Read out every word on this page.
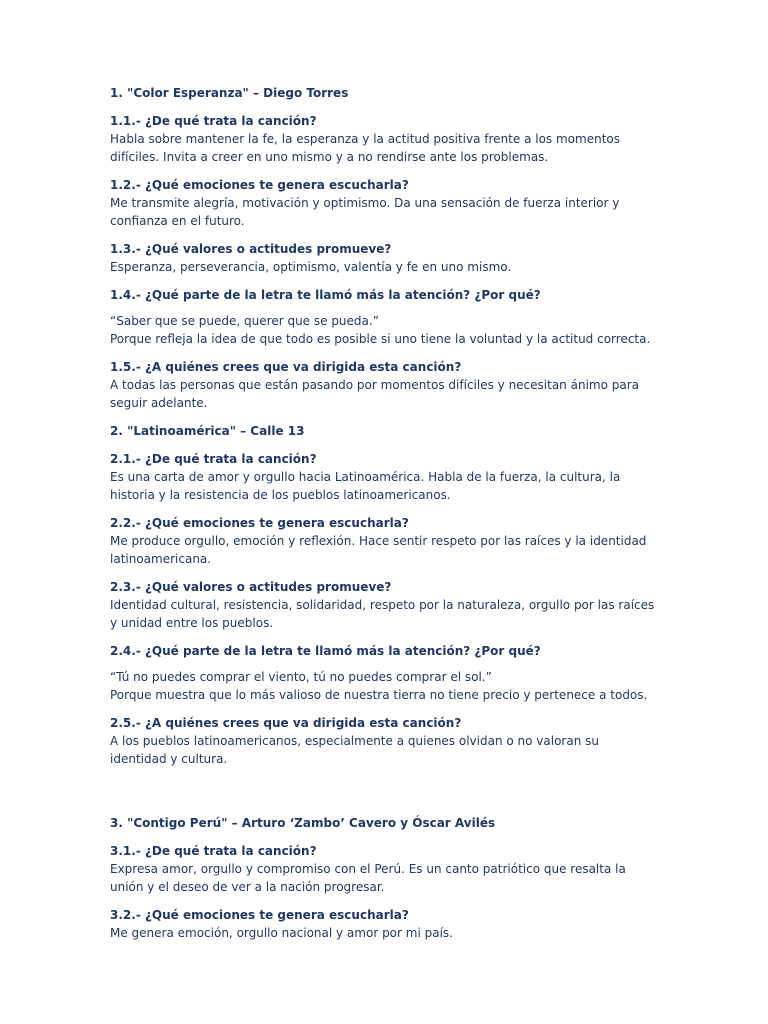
1. "Color Esperanza" – Diego Torres
1.1.- ¿De qué trata la canción?
Habla sobre mantener la fe, la esperanza y la actitud positiva frente a los momentos difíciles. Invita a creer en uno mismo y a no rendirse ante los problemas.
1.2.- ¿Qué emociones te genera escucharla?
Me transmite alegría, motivación y optimismo. Da una sensación de fuerza interior y confianza en el futuro.
1.3.- ¿Qué valores o actitudes promueve?
Esperanza, perseverancia, optimismo, valentía y fe en uno mismo.
1.4.- ¿Qué parte de la letra te llamó más la atención? ¿Por qué?
“Saber que se puede, querer que se pueda.”
Porque refleja la idea de que todo es posible si uno tiene la voluntad y la actitud correcta.
1.5.- ¿A quiénes crees que va dirigida esta canción?
A todas las personas que están pasando por momentos difíciles y necesitan ánimo para seguir adelante.
2. "Latinoamérica" – Calle 13
2.1.- ¿De qué trata la canción?
Es una carta de amor y orgullo hacia Latinoamérica. Habla de la fuerza, la cultura, la historia y la resistencia de los pueblos latinoamericanos.
2.2.- ¿Qué emociones te genera escucharla?
Me produce orgullo, emoción y reflexión. Hace sentir respeto por las raíces y la identidad latinoamericana.
2.3.- ¿Qué valores o actitudes promueve?
Identidad cultural, resistencia, solidaridad, respeto por la naturaleza, orgullo por las raíces y unidad entre los pueblos.
2.4.- ¿Qué parte de la letra te llamó más la atención? ¿Por qué?
“Tú no puedes comprar el viento, tú no puedes comprar el sol.”
Porque muestra que lo más valioso de nuestra tierra no tiene precio y pertenece a todos.
2.5.- ¿A quiénes crees que va dirigida esta canción?
A los pueblos latinoamericanos, especialmente a quienes olvidan o no valoran su identidad y cultura.
3. "Contigo Perú" – Arturo ‘Zambo’ Cavero y Óscar Avilés
3.1.- ¿De qué trata la canción?
Expresa amor, orgullo y compromiso con el Perú. Es un canto patriótico que resalta la unión y el deseo de ver a la nación progresar.
3.2.- ¿Qué emociones te genera escucharla?
Me genera emoción, orgullo nacional y amor por mi país.
